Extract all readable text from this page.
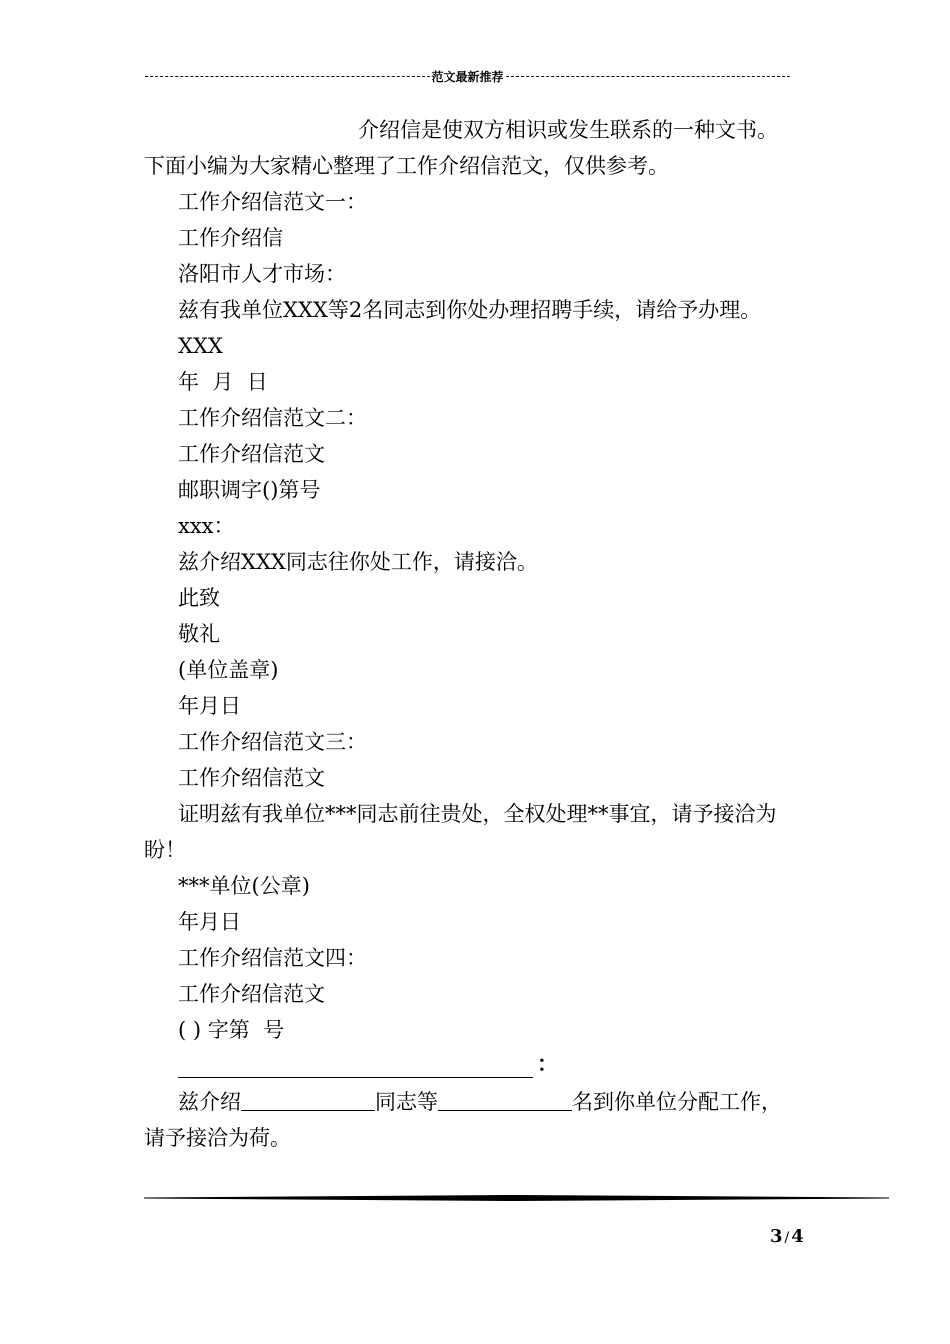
范文最新推荐

介绍信是使双方相识或发生联系的一种文书。

下面小编为大家精心整理了工作介绍信范文，仅供参考。

工作介绍信范文一：

工作介绍信

洛阳市人才市场：

兹有我单位XXX等2名同志到你处办理招聘手续，请给予办理。

XXX

年  月  日

工作介绍信范文二：

工作介绍信范文

邮职调字()第号

xxx：

兹介绍XXX同志往你处工作，请接洽。

此致

敬礼

(单位盖章)

年月日

工作介绍信范文三：

工作介绍信范文

证明兹有我单位***同志前往贵处，全权处理**事宜，请予接洽为

盼！

***单位(公章)

年月日

工作介绍信范文四：

工作介绍信范文

( ) 字第  号

：

兹介绍	同志等	名到你单位分配工作，

请予接洽为荷。

3 / 4
